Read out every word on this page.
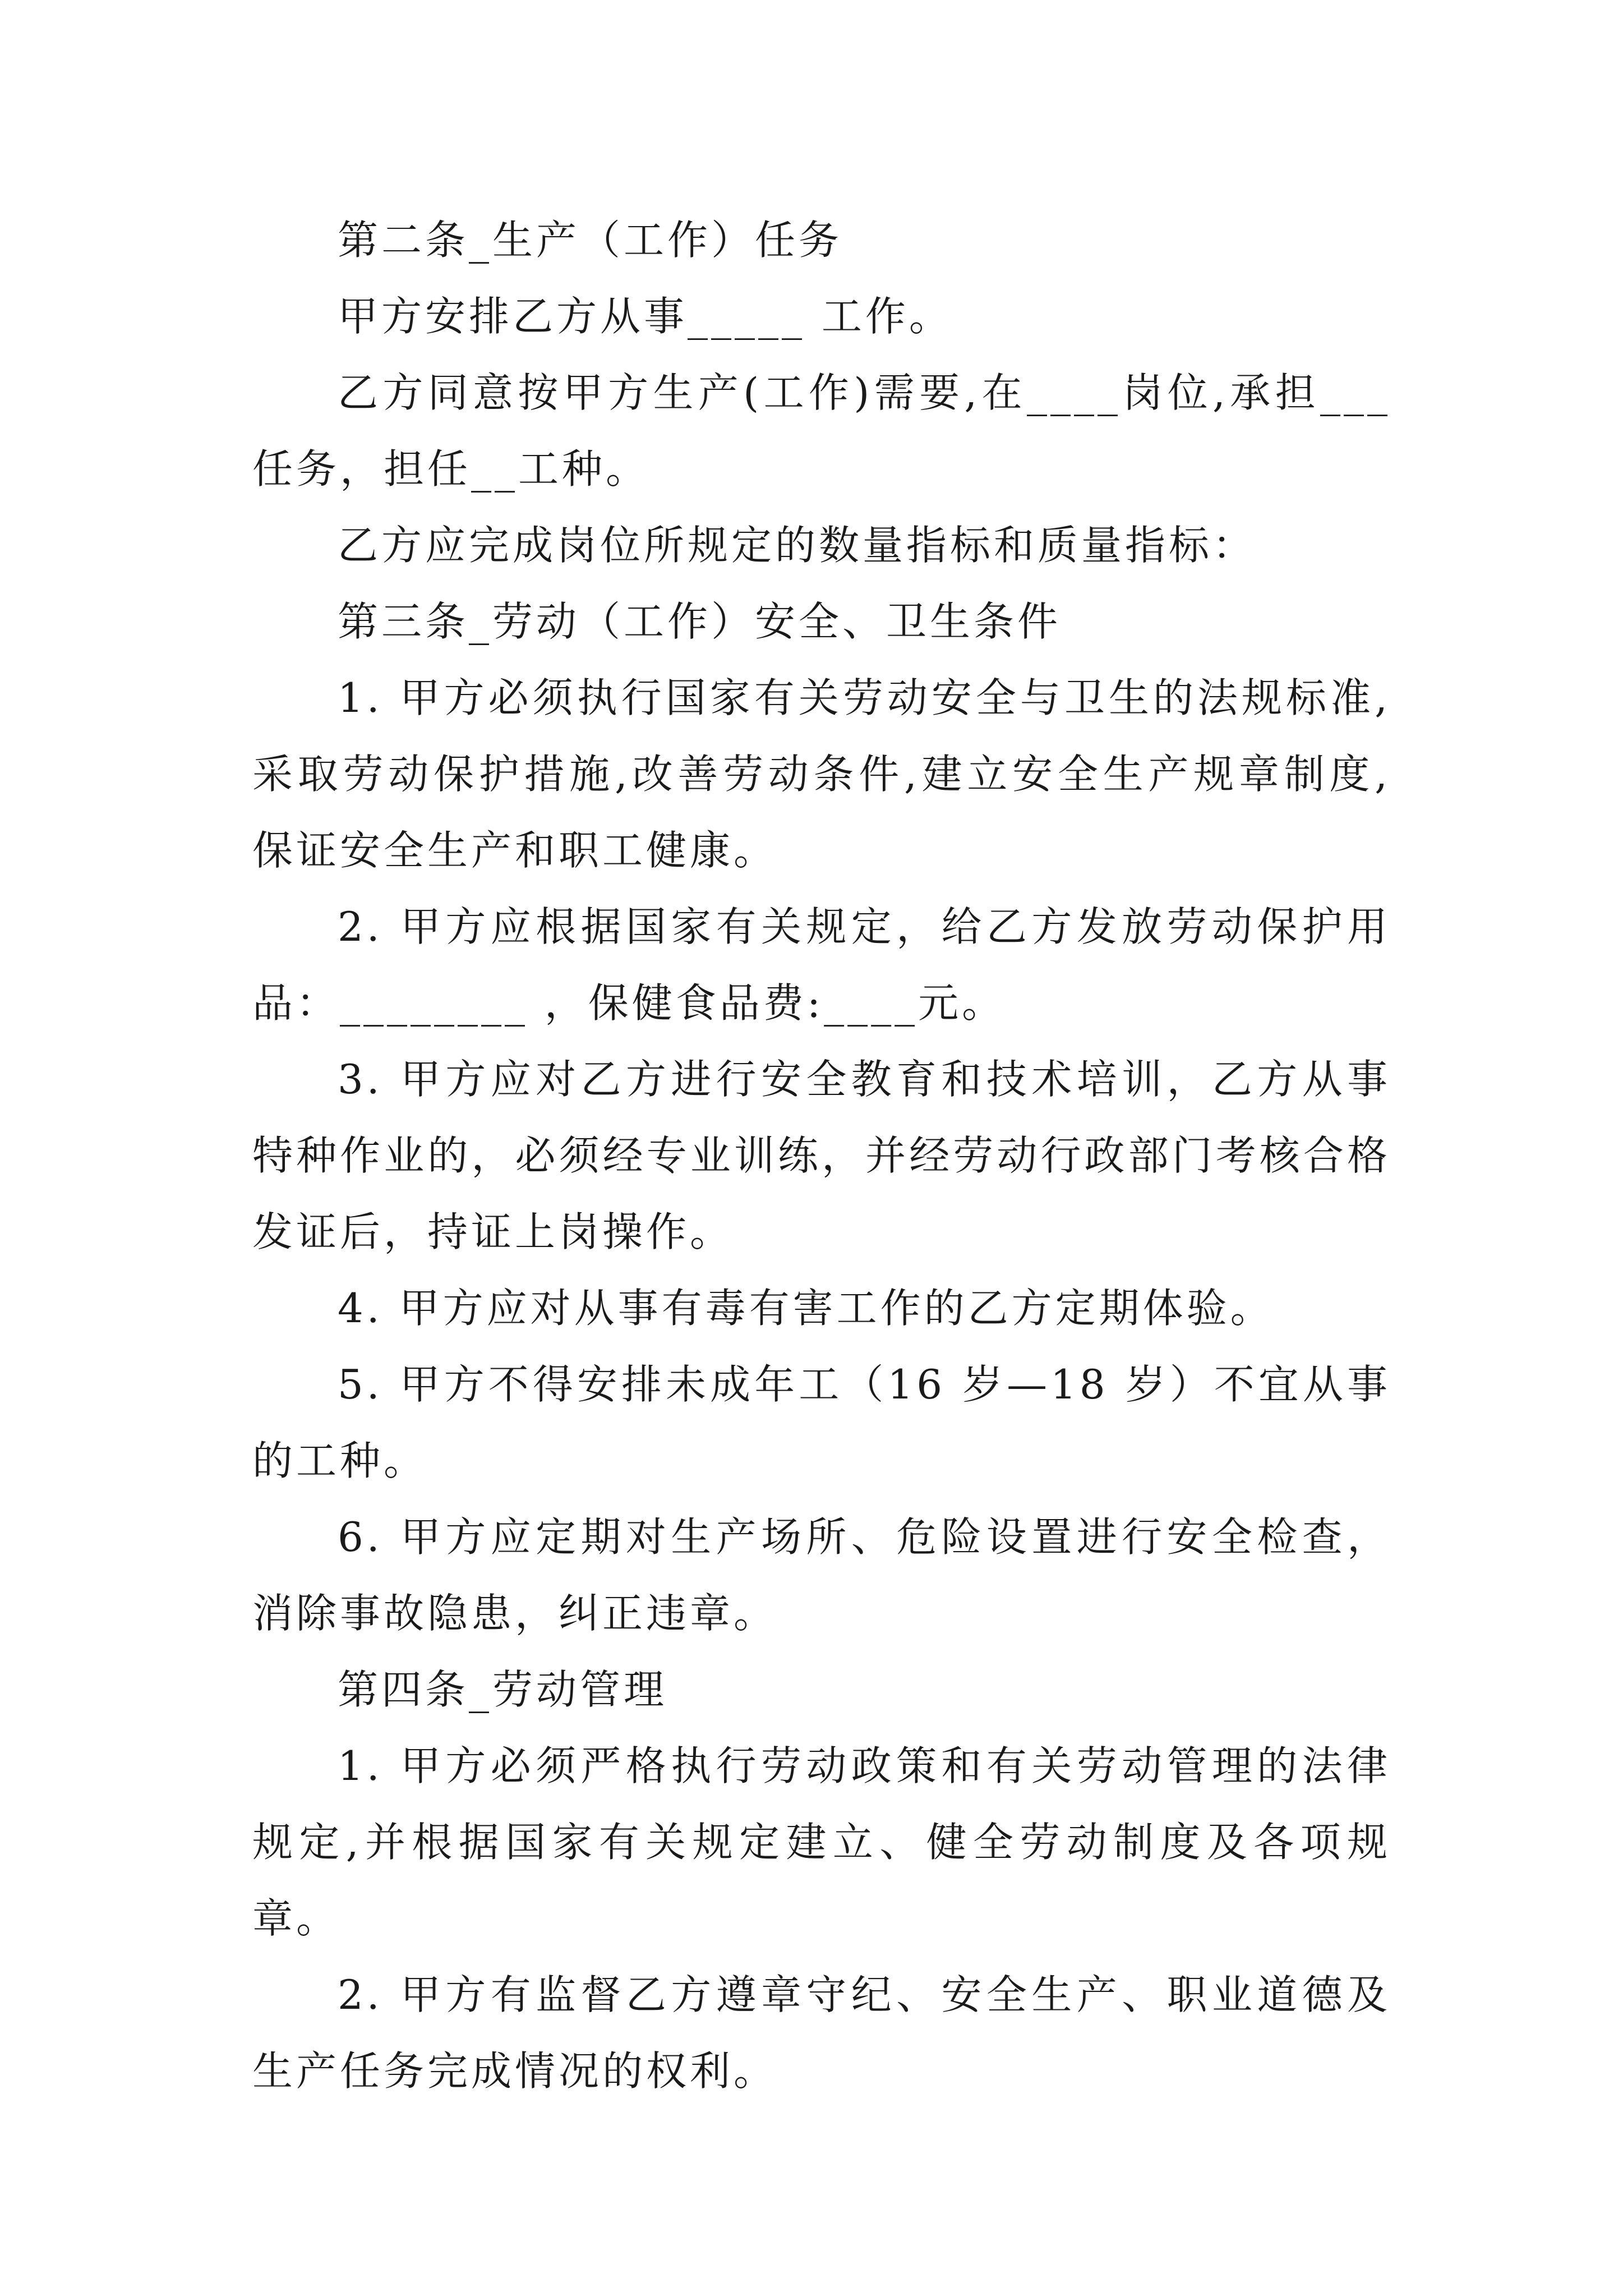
第二条_生产（工作）任务

甲方安排乙方从事_____ 工作。

乙方同意按甲方生产(工作)需要,在____岗位,承担___任务，担任__工种。

乙方应完成岗位所规定的数量指标和质量指标：

第三条_劳动（工作）安全、卫生条件

1. 甲方必须执行国家有关劳动安全与卫生的法规标准,采取劳动保护措施,改善劳动条件,建立安全生产规章制度,保证安全生产和职工健康。

2. 甲方应根据国家有关规定，给乙方发放劳动保护用品：________ ，保健食品费:____元。

3. 甲方应对乙方进行安全教育和技术培训，乙方从事特种作业的，必须经专业训练，并经劳动行政部门考核合格发证后，持证上岗操作。

4. 甲方应对从事有毒有害工作的乙方定期体验。

5. 甲方不得安排未成年工（16 岁—18 岁）不宜从事的工种。

6. 甲方应定期对生产场所、危险设置进行安全检查，消除事故隐患，纠正违章。

第四条_劳动管理

1. 甲方必须严格执行劳动政策和有关劳动管理的法律规定,并根据国家有关规定建立、健全劳动制度及各项规章。

2. 甲方有监督乙方遵章守纪、安全生产、职业道德及生产任务完成情况的权利。
